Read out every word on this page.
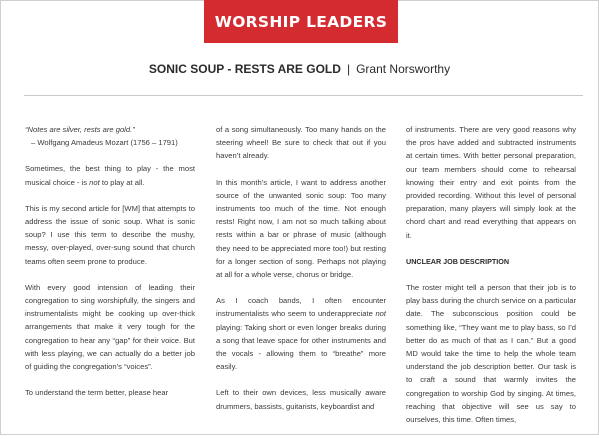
WORSHIP LEADERS
SONIC SOUP - RESTS ARE GOLD | Grant Norsworthy

“Notes are silver, rests are gold.”
– Wolfgang Amadeus Mozart (1756 – 1791)

Sometimes, the best thing to play - the most musical choice - is not to play at all.

This is my second article for [WM] that attempts to address the issue of sonic soup. What is sonic soup? I use this term to describe the mushy, messy, over-played, over-sung sound that church teams often seem prone to produce.

With every good intension of leading their congregation to sing worshipfully, the singers and instrumentalists might be cooking up over-thick arrangements that make it very tough for the congregation to hear any “gap” for their voice. But with less playing, we can actually do a better job of guiding the congregation’s “voices”.

To understand the term better, please hear

of a song simultaneously. Too many hands on the steering wheel! Be sure to check that out if you haven’t already.

In this month’s article, I want to address another source of the unwanted sonic soup: Too many instruments too much of the time. Not enough rests! Right now, I am not so much talking about rests within a bar or phrase of music (although they need to be appreciated more too!) but resting for a longer section of song. Perhaps not playing at all for a whole verse, chorus or bridge.

As I coach bands, I often encounter instrumentalists who seem to underappreciate not playing: Taking short or even longer breaks during a song that leave space for other instruments and the vocals - allowing them to “breathe” more easily.

Left to their own devices, less musically aware drummers, bassists, guitarists, keyboardist and

of instruments. There are very good reasons why the pros have added and subtracted instruments at certain times. With better personal preparation, our team members should come to rehearsal knowing their entry and exit points from the provided recording. Without this level of personal preparation, many players will simply look at the chord chart and read everything that appears on it.

UNCLEAR JOB DESCRIPTION

The roster might tell a person that their job is to play bass during the church service on a particular date. The subconscious position could be something like, “They want me to play bass, so I’d better do as much of that as I can.” But a good MD would take the time to help the whole team understand the job description better. Our task is to craft a sound that warmly invites the congregation to worship God by singing. At times, reaching that objective will see us say to ourselves, this time. Often times,
